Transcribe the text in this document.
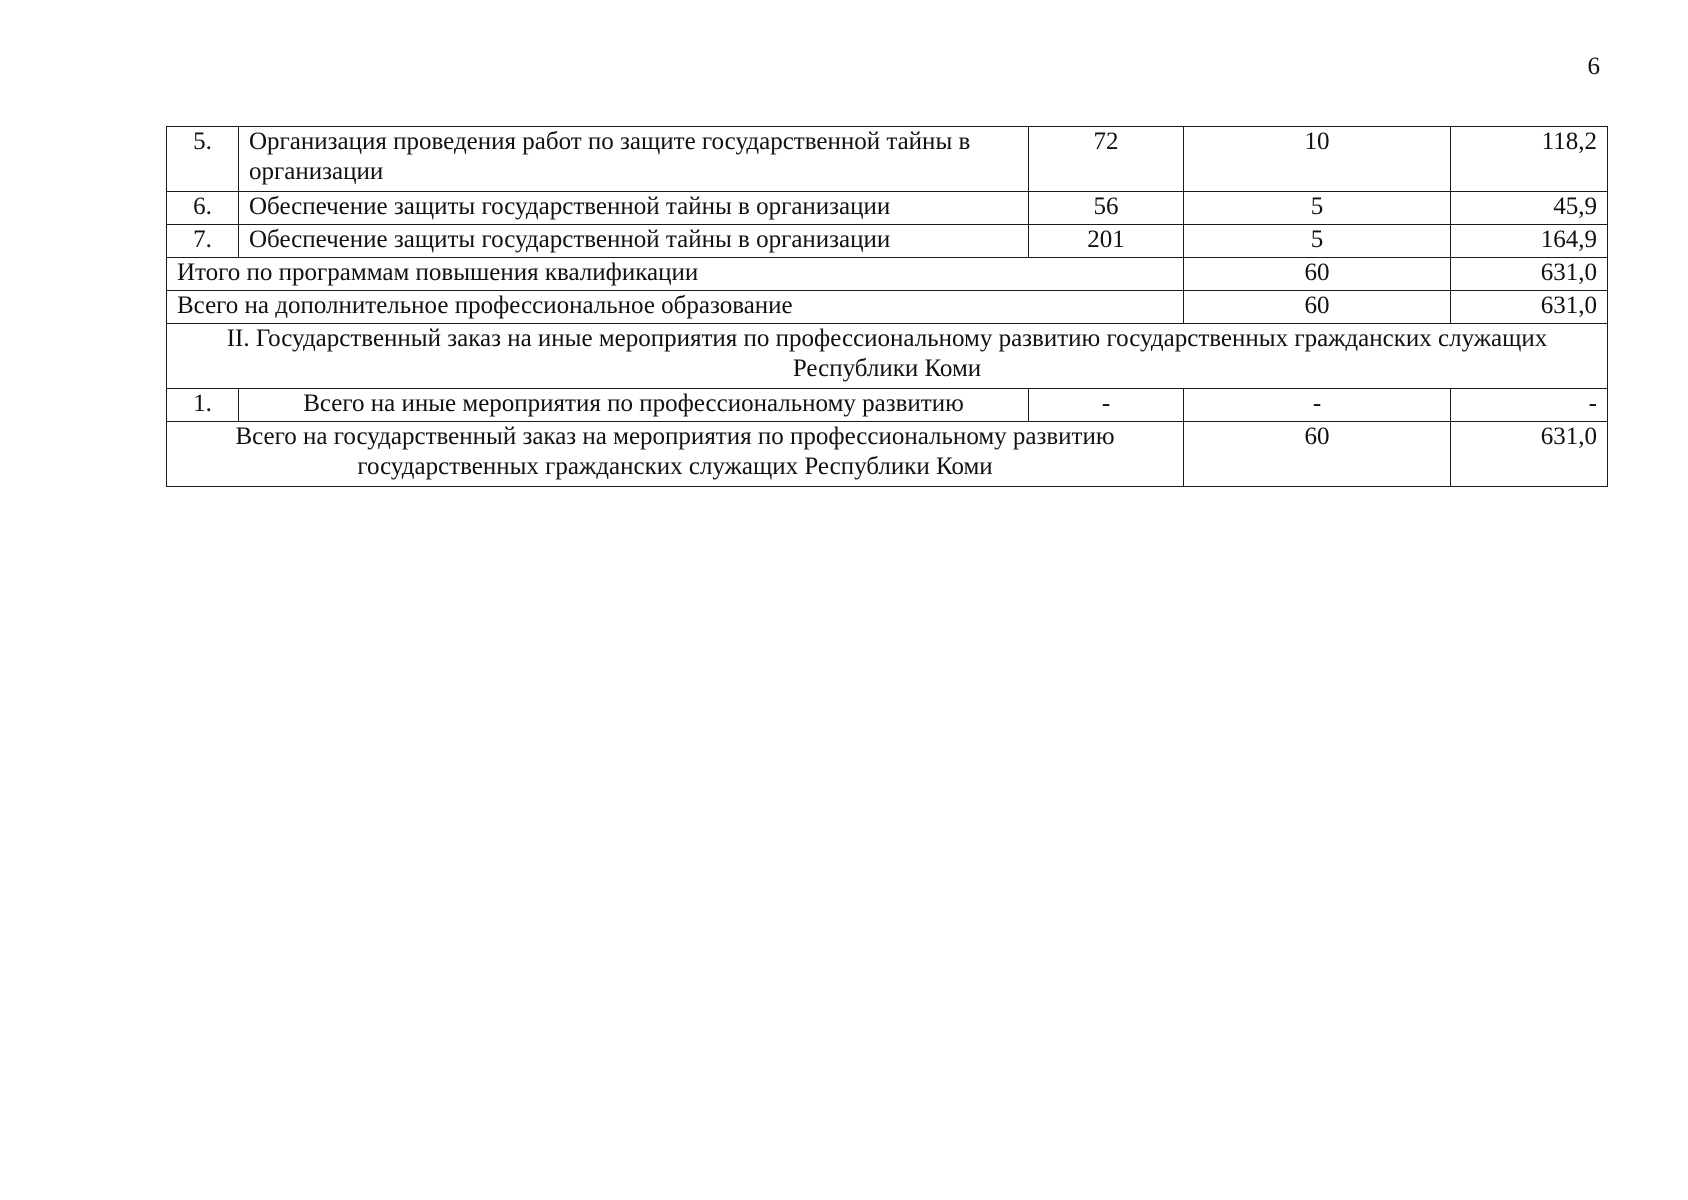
6
5.	Организация проведения работ по защите государственной тайны в организации	72	10	118,2
6.	Обеспечение защиты государственной тайны в организации	56	5	45,9
7.	Обеспечение защиты государственной тайны в организации	201	5	164,9
Итого по программам повышения квалификации			60	631,0
Всего на дополнительное профессиональное образование			60	631,0
II. Государственный заказ на иные мероприятия по профессиональному развитию государственных гражданских служащих Республики Коми				
1.	Всего на иные мероприятия по профессиональному развитию	-	-	-
Всего на государственный заказ на мероприятия по профессиональному развитию государственных гражданских служащих Республики Коми			60	631,0
